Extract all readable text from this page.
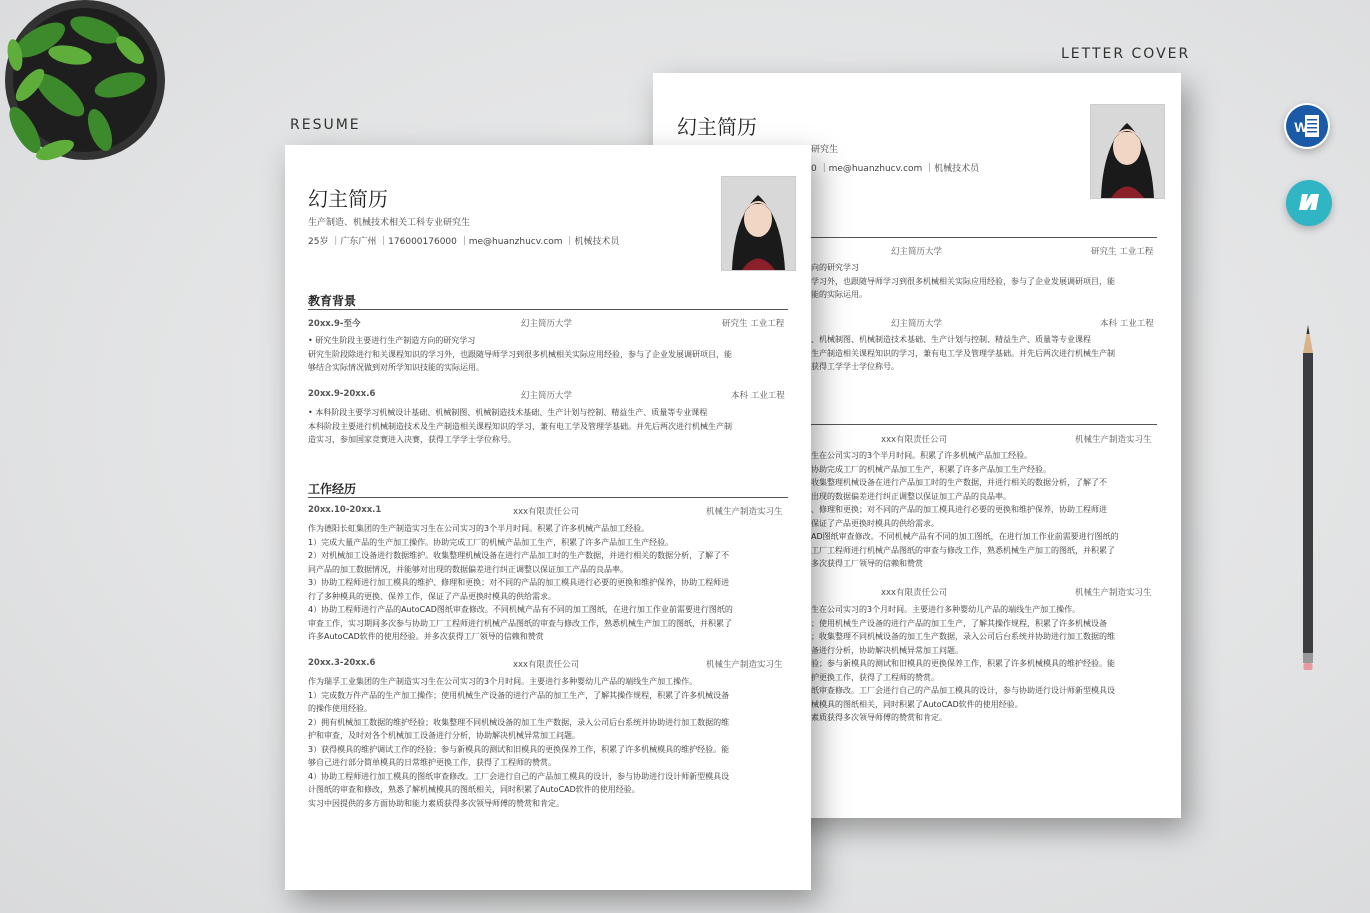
RESUME
LETTER COVER
幻主简历
研究生
0 ｜me@huanzhucv.com ｜机械技术员
幻主简历大学	研究生 工业工程
向的研究学习
学习外，也跟随导师学习到很多机械相关实际应用经验，参与了企业发展调研项目，能
能的实际运用。
幻主简历大学	本科 工业工程
、机械制图、机械制造技术基础、生产计划与控制、精益生产、质量等专业课程
生产制造相关课程知识的学习，兼有电工学及管理学基础。并先后两次进行机械生产制
获得工学学士学位称号。
xxx有限责任公司	机械生产制造实习生
生在公司实习的3个半月时间。积累了许多机械产品加工经验。
协助完成工厂的机械产品加工生产，积累了许多产品加工生产经验。
收集整理机械设备在进行产品加工时的生产数据，并进行相关的数据分析，了解了不
出现的数据偏差进行纠正调整以保证加工产品的良品率。
、修理和更换；对不同的产品的加工模具进行必要的更换和维护保养，协助工程师进
保证了产品更换时模具的供给需求。
AD图纸审查修改。不同机械产品有不同的加工图纸，在进行加工作业前需要进行图纸的
工厂工程师进行机械产品图纸的审查与修改工作，熟悉机械生产加工的图纸，并积累了
多次获得工厂领导的信赖和赞赏
xxx有限责任公司	机械生产制造实习生
生在公司实习的3个月时间。主要进行多种婴幼儿产品的端线生产加工操作。
；使用机械生产设备的进行产品的加工生产，了解其操作规程，积累了许多机械设备
；收集整理不同机械设备的加工生产数据，录入公司后台系统并协助进行加工数据的维
备进行分析，协助解决机械异常加工问题。
验；参与新模具的测试和旧模具的更换保养工作，积累了许多机械模具的维护经验。能
护更换工作，获得了工程师的赞赏。
纸审查修改。工厂会进行自己的产品加工模具的设计，参与协助进行设计师新型模具设
械模具的图纸相关，同时积累了AutoCAD软件的使用经验。
素质获得多次领导师傅的赞赏和肯定。
幻主简历
生产制造、机械技术相关工科专业研究生
25岁 ｜广东广州 ｜176000176000 ｜me@huanzhucv.com ｜机械技术员
教育背景
20xx.9-至今	幻主简历大学	研究生 工业工程
• 研究生阶段主要进行生产制造方向的研究学习
研究生阶段除进行和关课程知识的学习外，也跟随导师学习到很多机械相关实际应用经验，参与了企业发展调研项目，能
够结合实际情况做到对所学知识技能的实际运用。
20xx.9-20xx.6	幻主简历大学	本科 工业工程
• 本科阶段主要学习机械设计基础、机械制图、机械制造技术基础、生产计划与控制、精益生产、质量等专业课程
本科阶段主要进行机械制造技术及生产制造相关课程知识的学习，兼有电工学及管理学基础。并先后两次进行机械生产制
造实习，参加国家竞赛进入决赛，获得工学学士学位称号。
工作经历
20xx.10-20xx.1	xxx有限责任公司	机械生产制造实习生
作为德阳长虹集团的生产制造实习生在公司实习的3个半月时间。积累了许多机械产品加工经验。
1）完成大量产品的生产加工操作。协助完成工厂的机械产品加工生产，积累了许多产品加工生产经验。
2）对机械加工设备进行数据维护。收集整理机械设备在进行产品加工时的生产数据，并进行相关的数据分析，了解了不
同产品的加工数据情况，并能够对出现的数据偏差进行纠正调整以保证加工产品的良品率。
3）协助工程师进行加工模具的维护、修理和更换；对不同的产品的加工模具进行必要的更换和维护保养，协助工程师进
行了多种模具的更换、保养工作，保证了产品更换时模具的供给需求。
4）协助工程师进行产品的AutoCAD图纸审查修改。不同机械产品有不同的加工图纸，在进行加工作业前需要进行图纸的
审查工作，实习期间多次参与协助工厂工程师进行机械产品图纸的审查与修改工作，熟悉机械生产加工的图纸，并积累了
许多AutoCAD软件的使用经验。并多次获得工厂领导的信赖和赞赏
20xx.3-20xx.6	xxx有限责任公司	机械生产制造实习生
作为瑞孚工业集团的生产制造实习生在公司实习的3个月时间。主要进行多种婴幼儿产品的端线生产加工操作。
1）完成数万件产品的生产加工操作；使用机械生产设备的进行产品的加工生产，了解其操作规程，积累了许多机械设备
的操作使用经验。
2）拥有机械加工数据的维护经验；收集整理不同机械设备的加工生产数据，录入公司后台系统并协助进行加工数据的维
护和审查，及时对各个机械加工设备进行分析，协助解决机械异常加工问题。
3）获得模具的维护调试工作的经验；参与新模具的测试和旧模具的更换保养工作，积累了许多机械模具的维护经验。能
够自己进行部分简单模具的日常维护更换工作，获得了工程师的赞赏。
4）协助工程师进行加工模具的图纸审查修改。工厂会进行自己的产品加工模具的设计，参与协助进行设计师新型模具设
计图纸的审查和修改，熟悉了解机械模具的图纸相关，同时积累了AutoCAD软件的使用经验。
实习中因提供的多方面协助和能力素质获得多次领导师傅的赞赏和肯定。
W
